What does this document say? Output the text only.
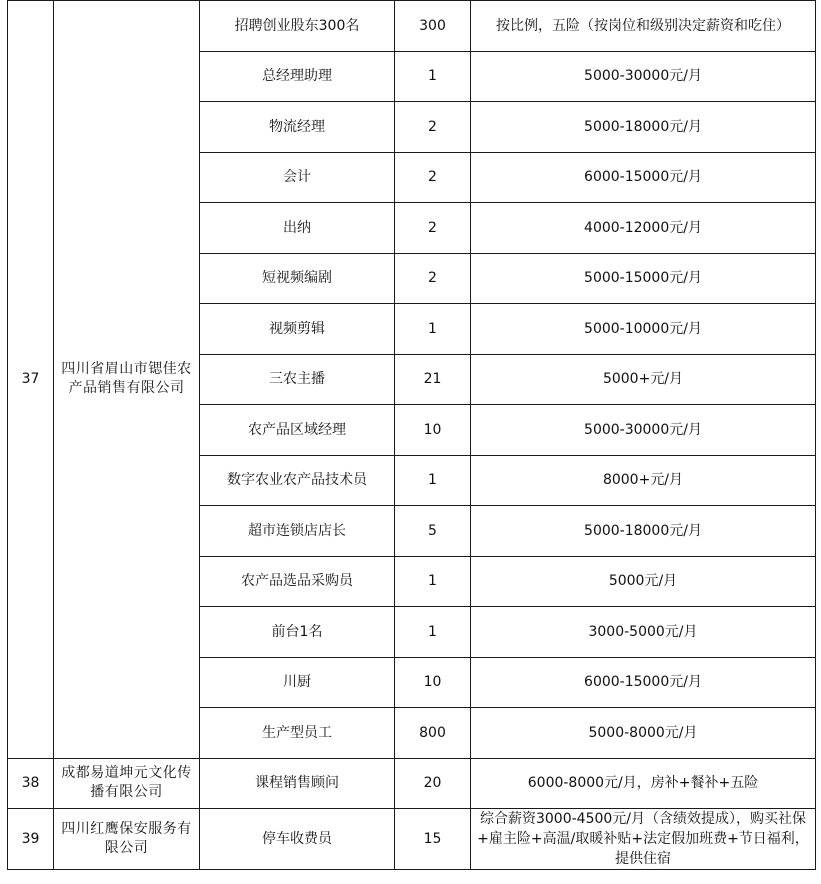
37	四川省眉山市锶佳农产品销售有限公司	招聘创业股东300名	300	按比例，五险（按岗位和级别决定薪资和吃住）
		总经理助理	1	5000-30000元/月
		物流经理	2	5000-18000元/月
		会计	2	6000-15000元/月
		出纳	2	4000-12000元/月
		短视频编剧	2	5000-15000元/月
		视频剪辑	1	5000-10000元/月
		三农主播	21	5000+元/月
		农产品区域经理	10	5000-30000元/月
		数字农业农产品技术员	1	8000+元/月
		超市连锁店店长	5	5000-18000元/月
		农产品选品采购员	1	5000元/月
		前台1名	1	3000-5000元/月
		川厨	10	6000-15000元/月
		生产型员工	800	5000-8000元/月
38	成都易道坤元文化传播有限公司	课程销售顾问	20	6000-8000元/月，房补+餐补+五险
39	四川红鹰保安服务有限公司	停车收费员	15	综合薪资3000-4500元/月（含绩效提成），购买社保+雇主险+高温/取暖补贴+法定假加班费+节日福利，提供住宿
